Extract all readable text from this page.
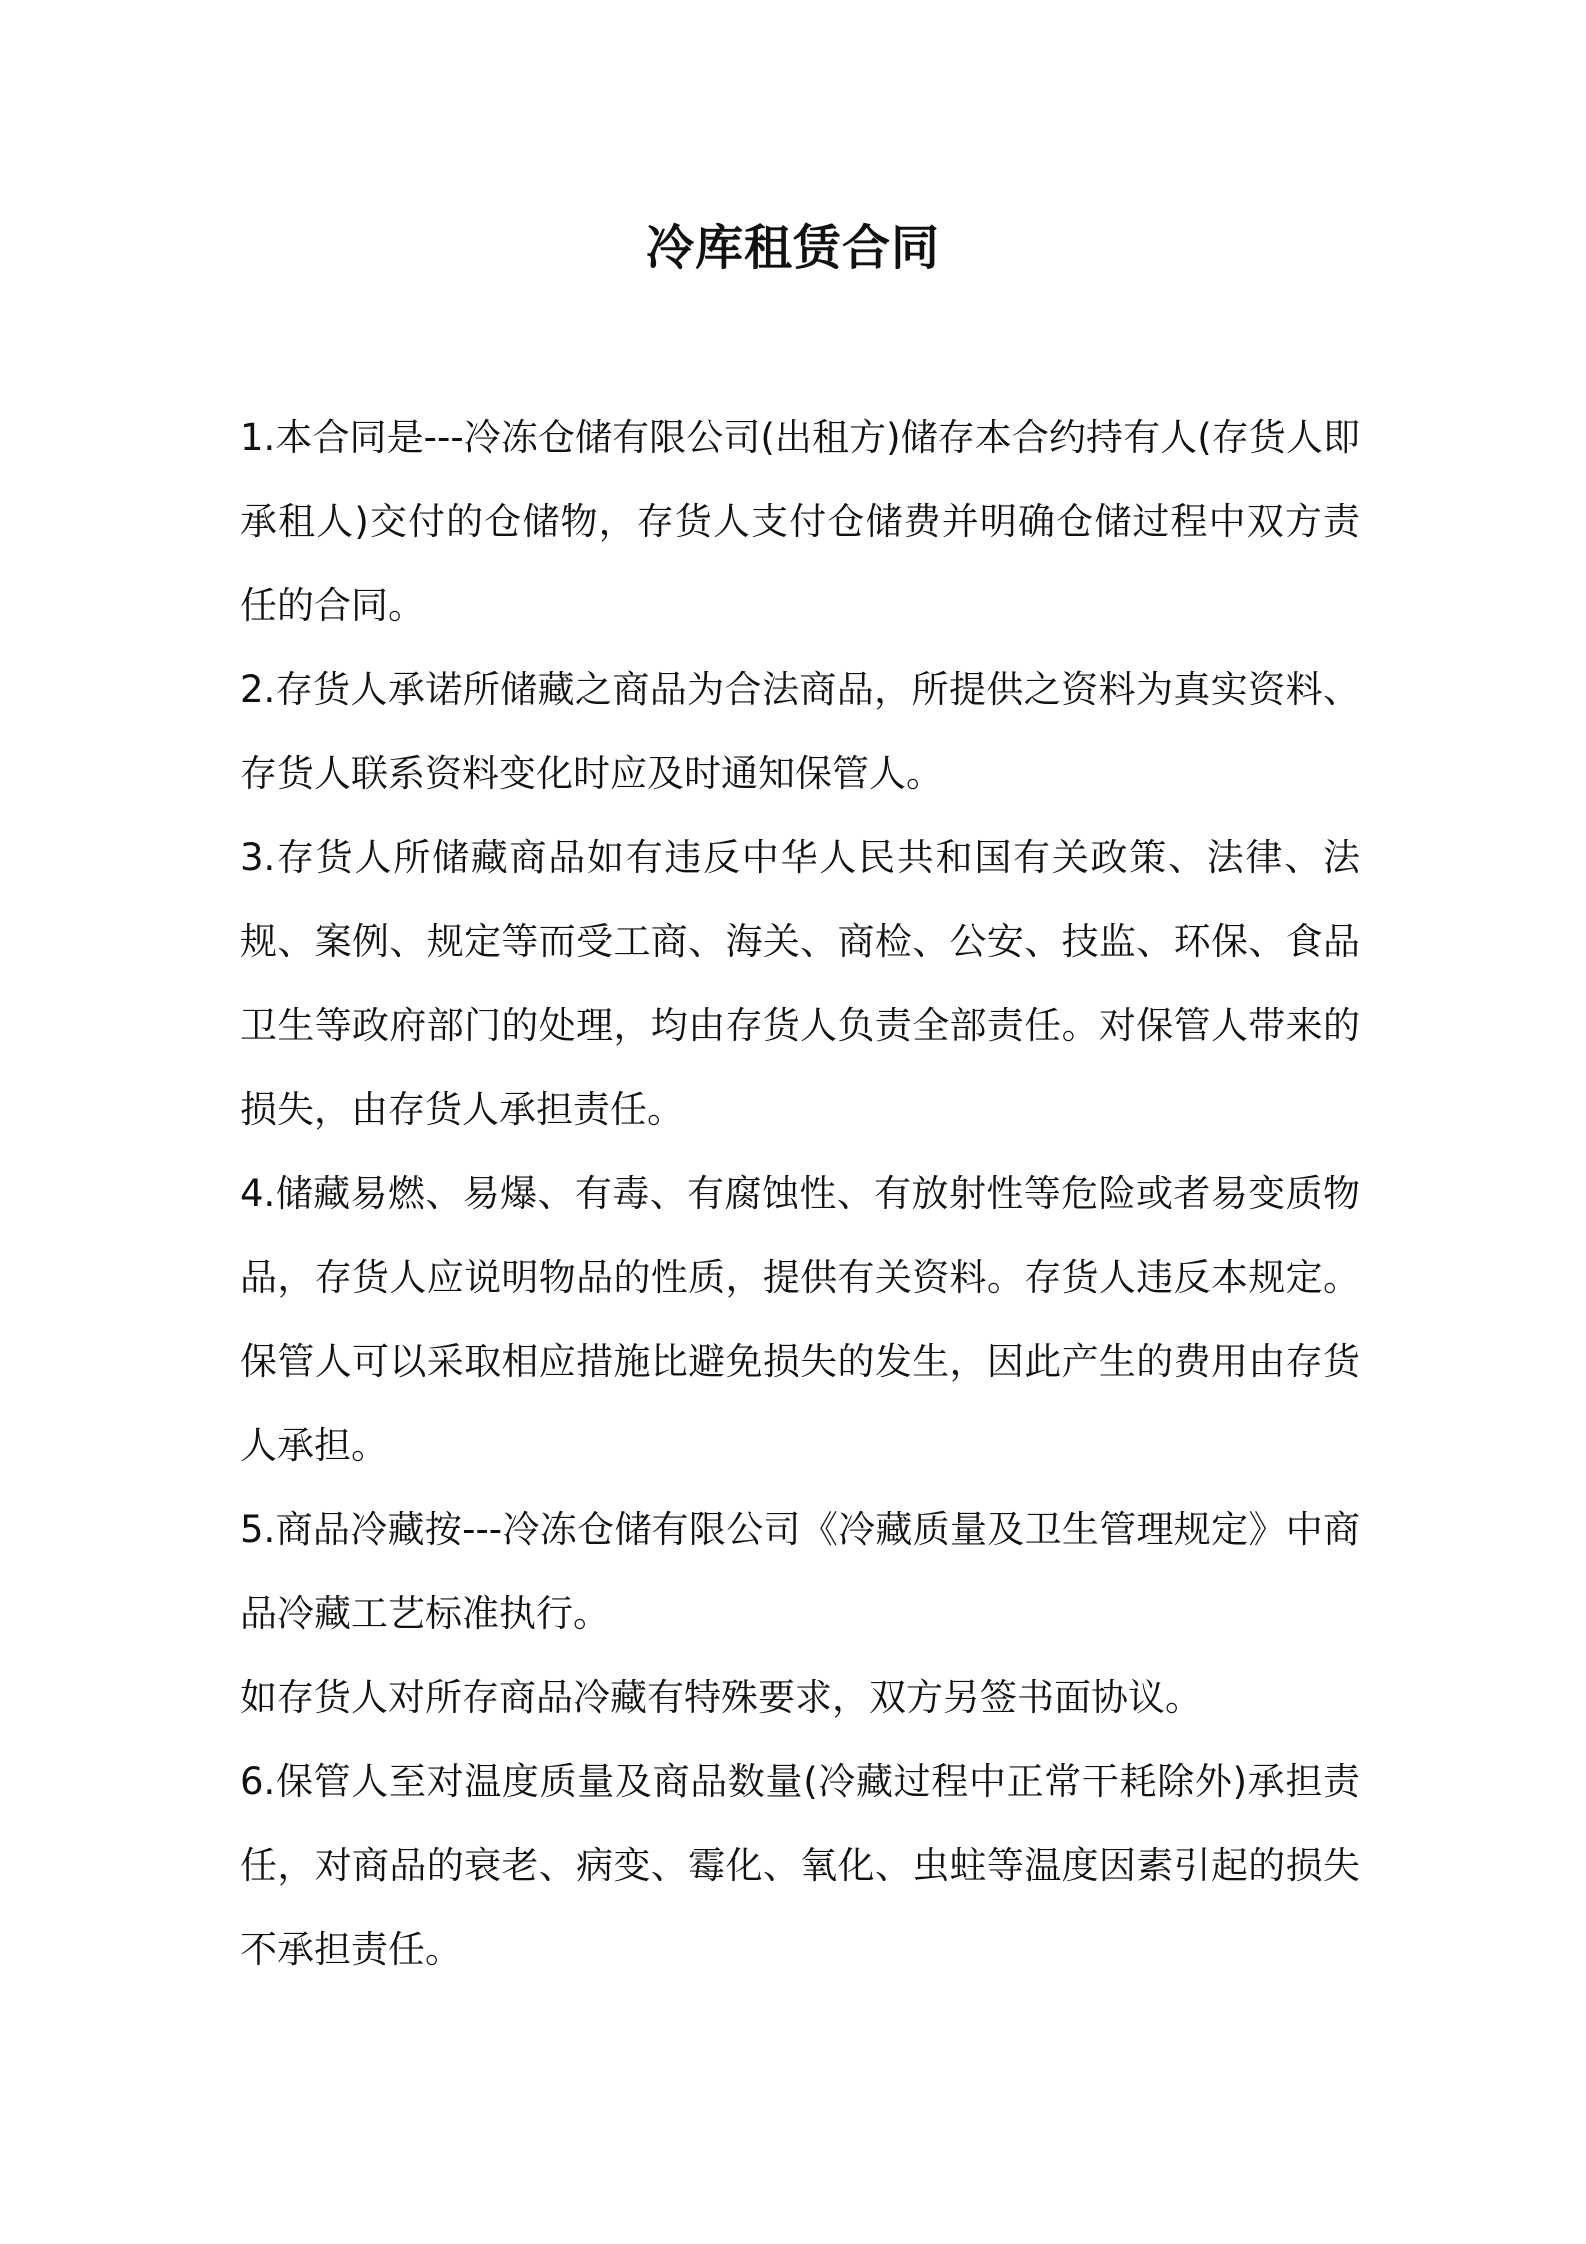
冷库租赁合同

1.本合同是---冷冻仓储有限公司(出租方)储存本合约持有人(存货人即承租人)交付的仓储物，存货人支付仓储费并明确仓储过程中双方责任的合同。

2.存货人承诺所储藏之商品为合法商品，所提供之资料为真实资料、存货人联系资料变化时应及时通知保管人。

3.存货人所储藏商品如有违反中华人民共和国有关政策、法律、法规、案例、规定等而受工商、海关、商检、公安、技监、环保、食品卫生等政府部门的处理，均由存货人负责全部责任。对保管人带来的损失，由存货人承担责任。

4.储藏易燃、易爆、有毒、有腐蚀性、有放射性等危险或者易变质物品，存货人应说明物品的性质，提供有关资料。存货人违反本规定。保管人可以采取相应措施比避免损失的发生，因此产生的费用由存货人承担。

5.商品冷藏按---冷冻仓储有限公司《冷藏质量及卫生管理规定》中商品冷藏工艺标准执行。

如存货人对所存商品冷藏有特殊要求，双方另签书面协议。

6.保管人至对温度质量及商品数量(冷藏过程中正常干耗除外)承担责任，对商品的衰老、病变、霉化、氧化、虫蛀等温度因素引起的损失不承担责任。
